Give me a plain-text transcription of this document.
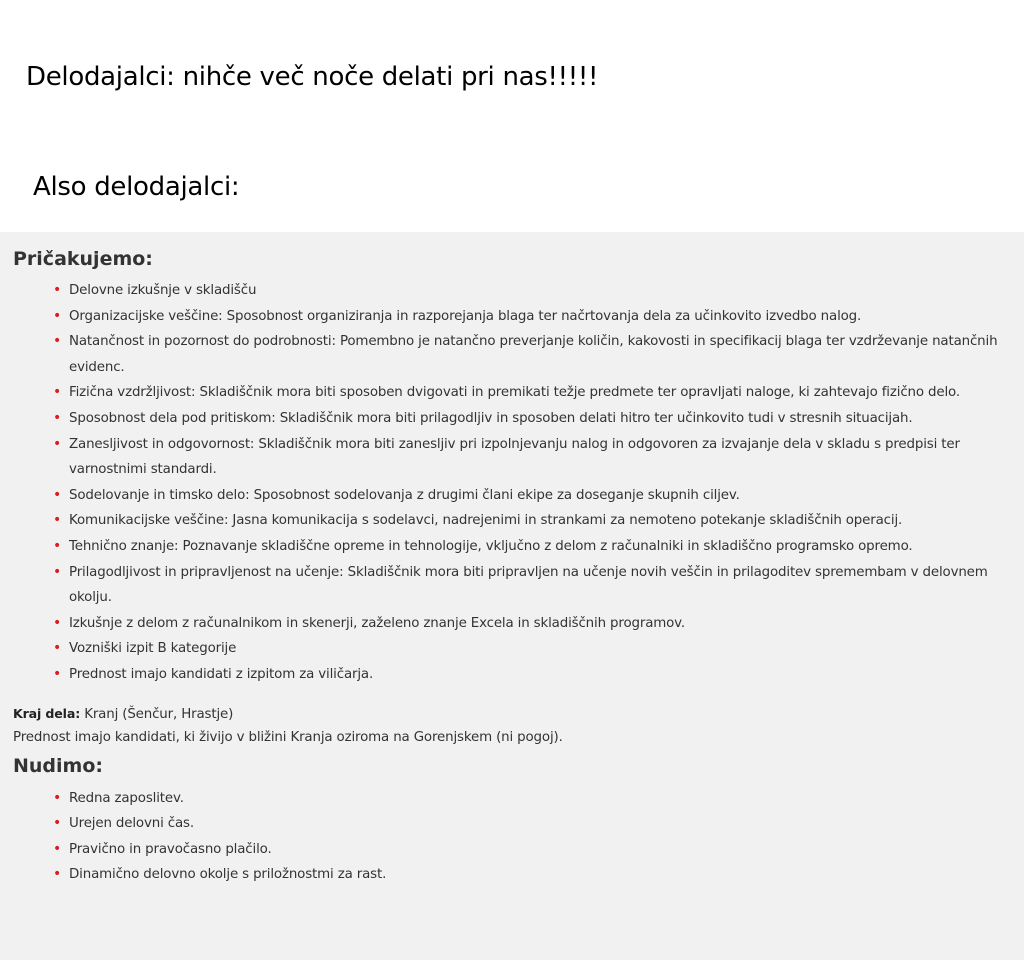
Delodajalci: nihče več noče delati pri nas!!!!!

Also delodajalci:

Pričakujemo:
• Delovne izkušnje v skladišču
• Organizacijske veščine: Sposobnost organiziranja in razporejanja blaga ter načrtovanja dela za učinkovito izvedbo nalog.
• Natančnost in pozornost do podrobnosti: Pomembno je natančno preverjanje količin, kakovosti in specifikacij blaga ter vzdrževanje natančnih evidenc.
• Fizična vzdržljivost: Skladiščnik mora biti sposoben dvigovati in premikati težje predmete ter opravljati naloge, ki zahtevajo fizično delo.
• Sposobnost dela pod pritiskom: Skladiščnik mora biti prilagodljiv in sposoben delati hitro ter učinkovito tudi v stresnih situacijah.
• Zanesljivost in odgovornost: Skladiščnik mora biti zanesljiv pri izpolnjevanju nalog in odgovoren za izvajanje dela v skladu s predpisi ter varnostnimi standardi.
• Sodelovanje in timsko delo: Sposobnost sodelovanja z drugimi člani ekipe za doseganje skupnih ciljev.
• Komunikacijske veščine: Jasna komunikacija s sodelavci, nadrejenimi in strankami za nemoteno potekanje skladiščnih operacij.
• Tehnično znanje: Poznavanje skladiščne opreme in tehnologije, vključno z delom z računalniki in skladiščno programsko opremo.
• Prilagodljivost in pripravljenost na učenje: Skladiščnik mora biti pripravljen na učenje novih veščin in prilagoditev spremembam v delovnem okolju.
• Izkušnje z delom z računalnikom in skenerji, zaželeno znanje Excela in skladiščnih programov.
• Vozniški izpit B kategorije
• Prednost imajo kandidati z izpitom za viličarja.
Kraj dela: Kranj (Šenčur, Hrastje)
Prednost imajo kandidati, ki živijo v bližini Kranja oziroma na Gorenjskem (ni pogoj).
Nudimo:
• Redna zaposlitev.
• Urejen delovni čas.
• Pravično in pravočasno plačilo.
• Dinamično delovno okolje s priložnostmi za rast.
